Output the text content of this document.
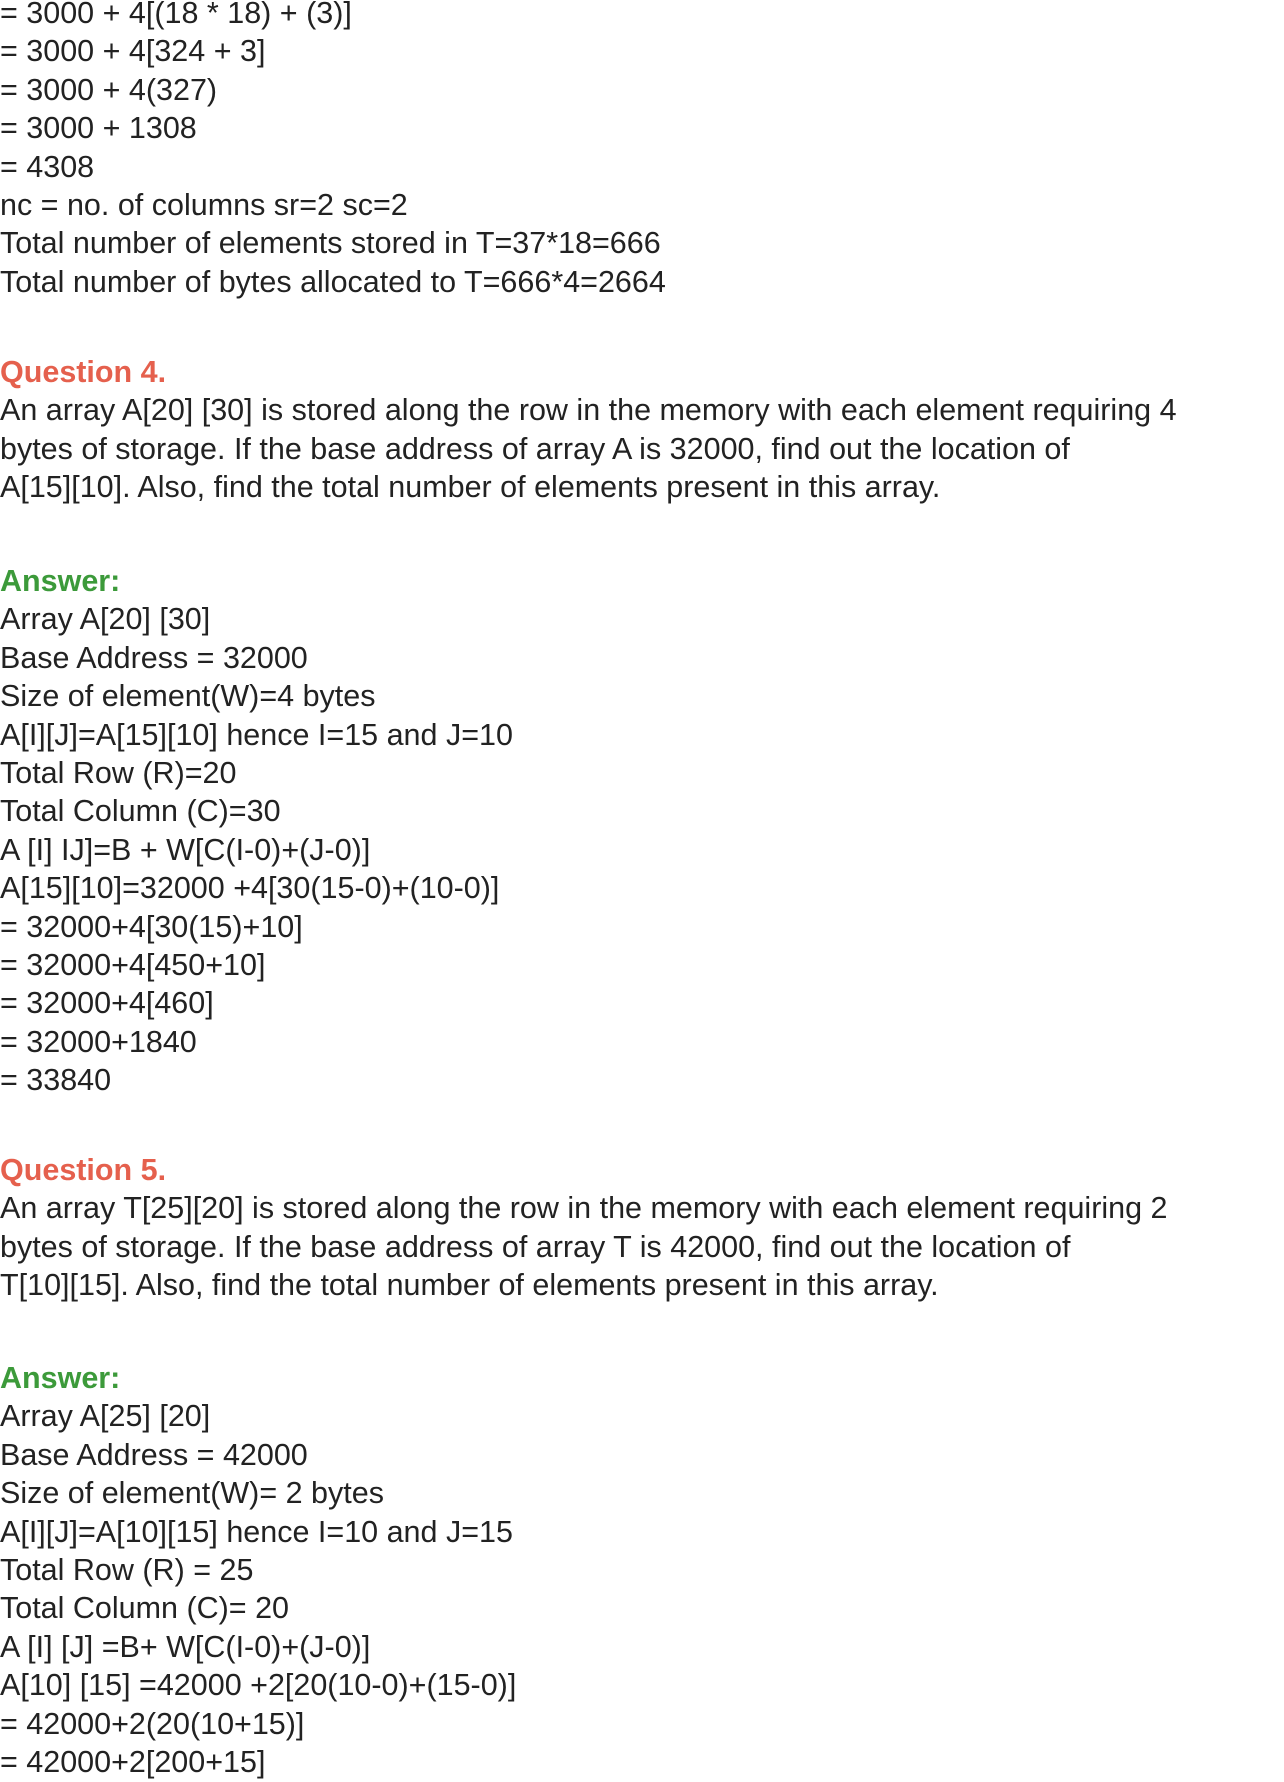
= 3000 + 4[(18 * 18) + (3)]
= 3000 + 4[324 + 3]
= 3000 + 4(327)
= 3000 + 1308
= 4308
nc = no. of columns sr=2 sc=2
Total number of elements stored in T=37*18=666
Total number of bytes allocated to T=666*4=2664
Question 4.
An array A[20] [30] is stored along the row in the memory with each element requiring 4
bytes of storage. If the base address of array A is 32000, find out the location of
A[15][10]. Also, find the total number of elements present in this array.
Answer:
Array A[20] [30]
Base Address = 32000
Size of element(W)=4 bytes
A[I][J]=A[15][10] hence I=15 and J=10
Total Row (R)=20
Total Column (C)=30
A [I] IJ]=B + W[C(I-0)+(J-0)]
A[15][10]=32000 +4[30(15-0)+(10-0)]
= 32000+4[30(15)+10]
= 32000+4[450+10]
= 32000+4[460]
= 32000+1840
= 33840
Question 5.
An array T[25][20] is stored along the row in the memory with each element requiring 2
bytes of storage. If the base address of array T is 42000, find out the location of
T[10][15]. Also, find the total number of elements present in this array.
Answer:
Array A[25] [20]
Base Address = 42000
Size of element(W)= 2 bytes
A[I][J]=A[10][15] hence I=10 and J=15
Total Row (R) = 25
Total Column (C)= 20
A [I] [J] =B+ W[C(I-0)+(J-0)]
A[10] [15] =42000 +2[20(10-0)+(15-0)]
= 42000+2(20(10+15)]
= 42000+2[200+15]
